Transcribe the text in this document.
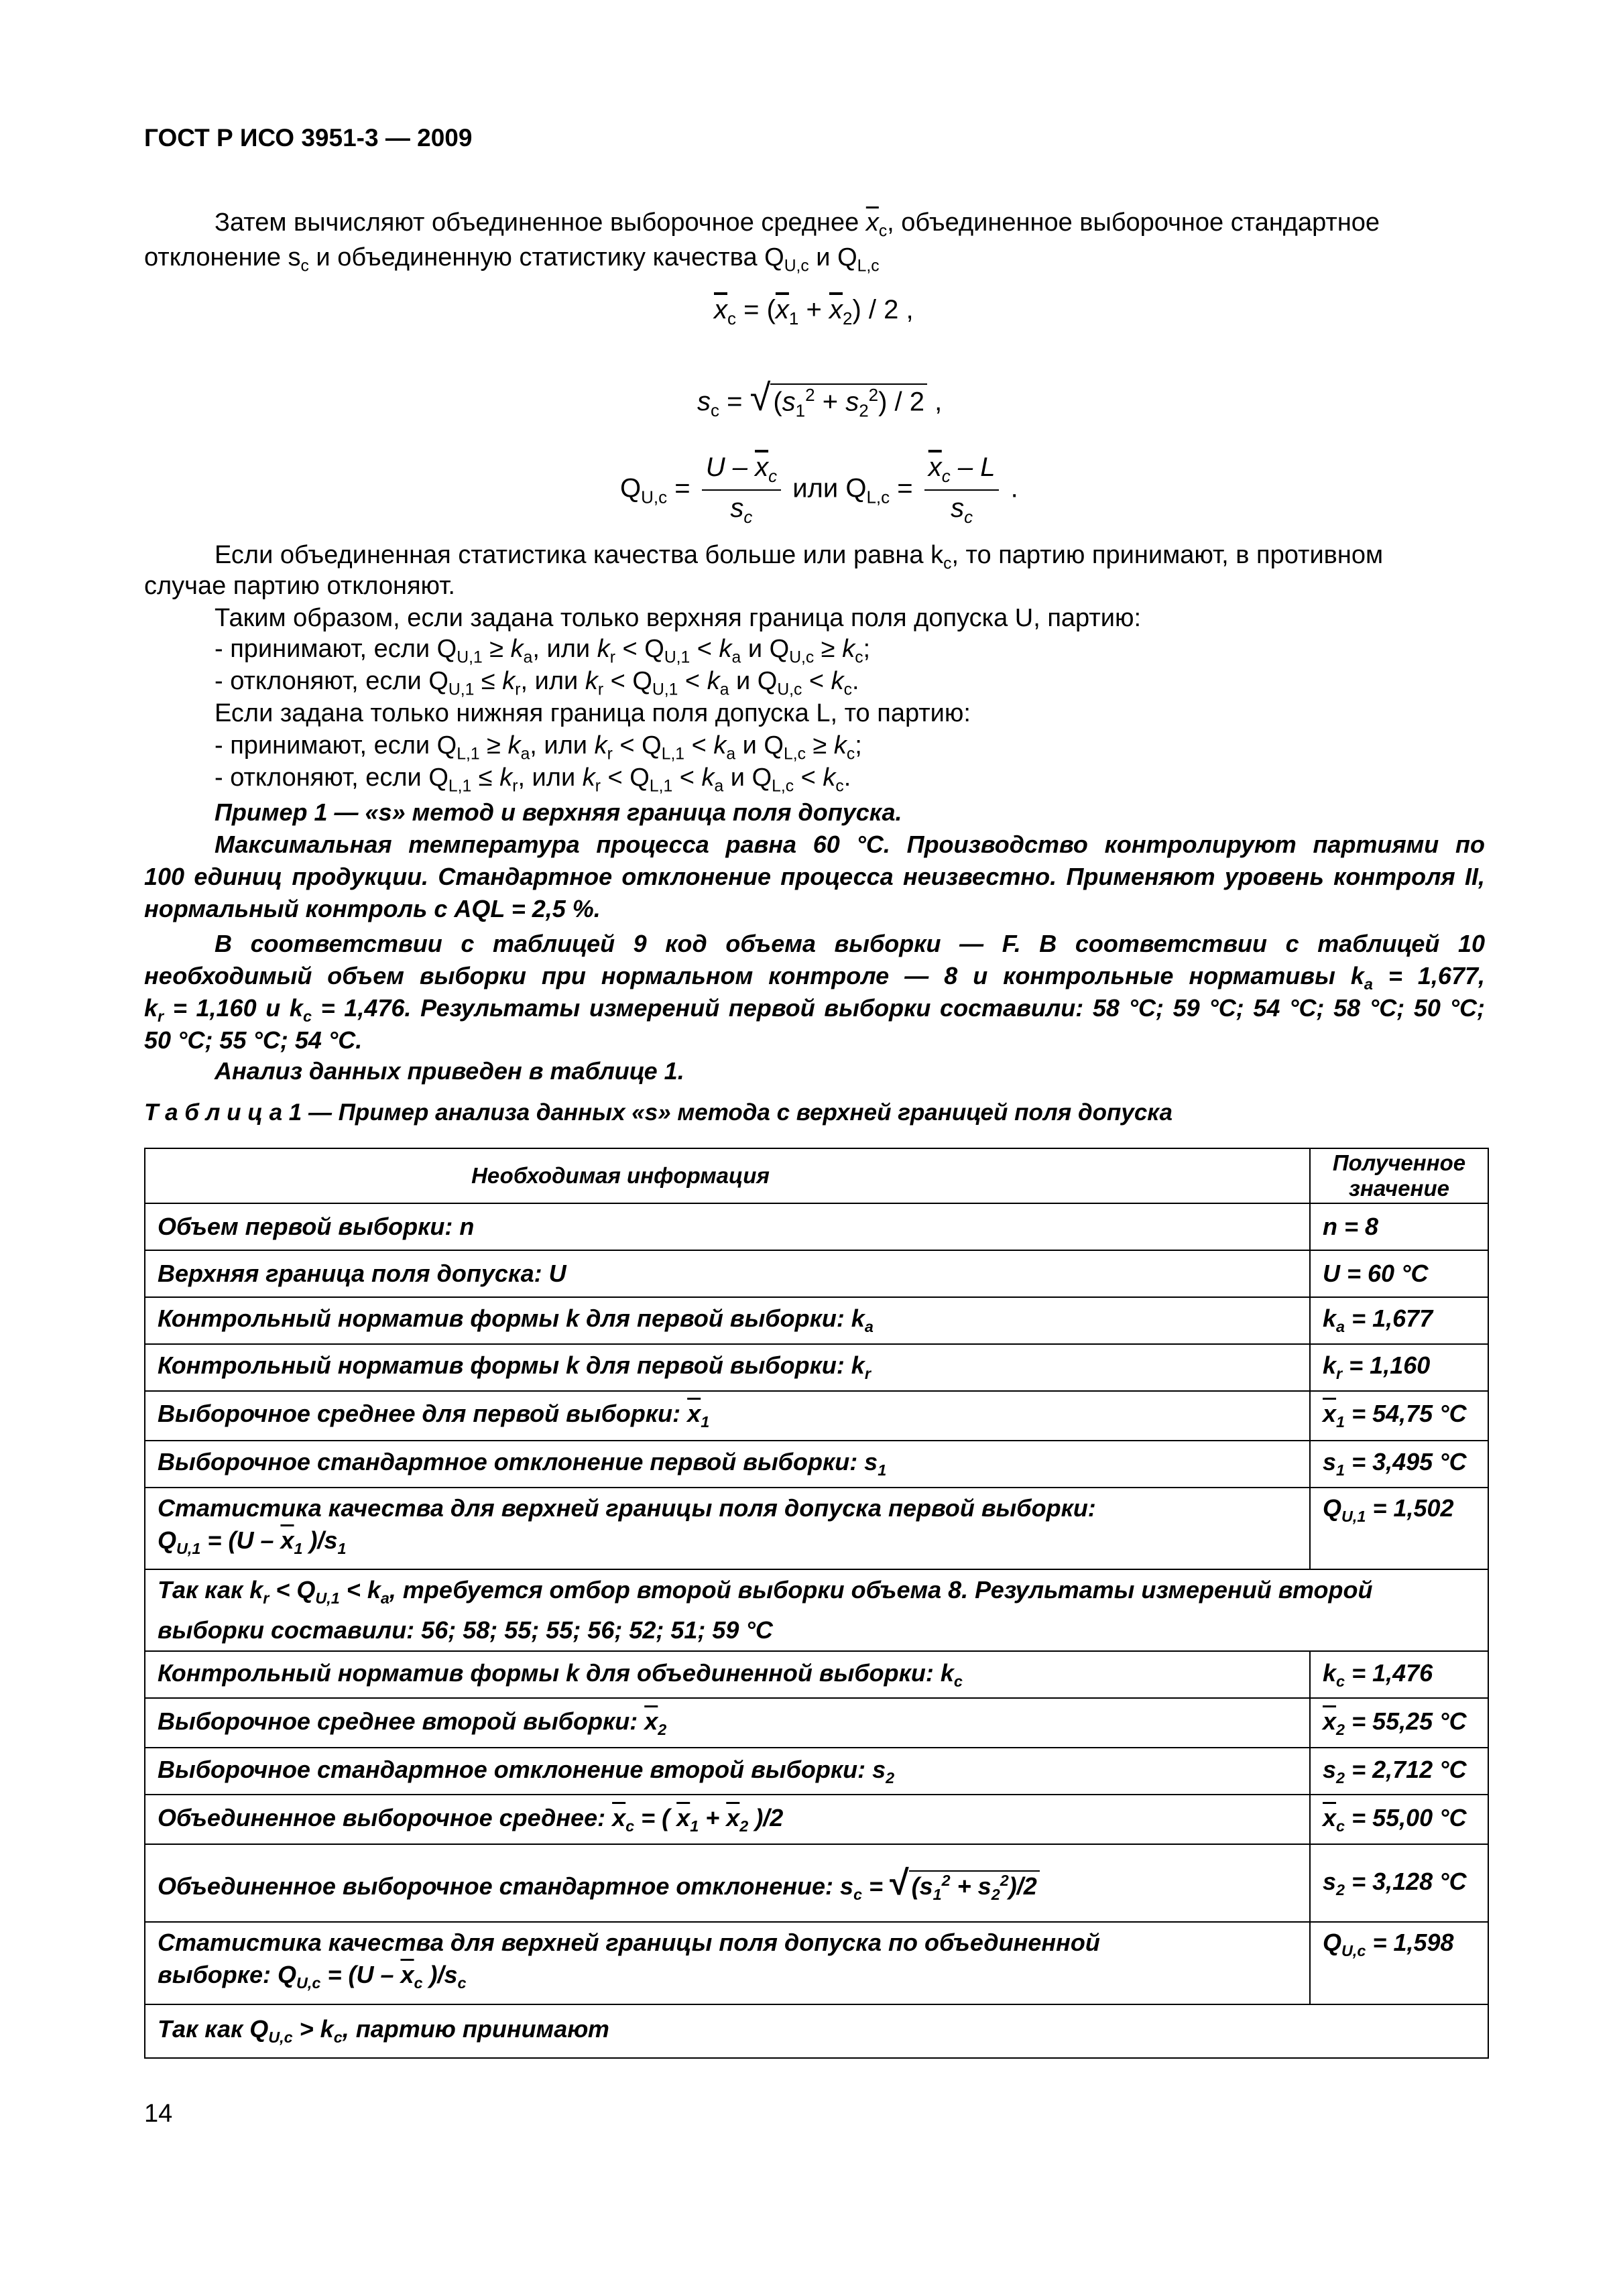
ГОСТ Р ИСО 3951-3 — 2009
Затем вычисляют объединенное выборочное среднее $\overline{x}_c$, объединенное выборочное стандартное
отклонение $s_c$ и объединенную статистику качества $Q_{U,c}$ и $Q_{L,c}$
$\overline{x}_c = (\overline{x}_1 + \overline{x}_2) / 2$ ,
$s_c$ = √ $(s_1^2 + s_2^2) / 2$ ,
$Q_{U,c} = \frac{U - \overline{x}_c}{s_c}$ или $Q_{L,c} = \frac{\overline{x}_c - L}{s_c}$ .
Если объединенная статистика качества больше или равна $k_c$, то партию принимают, в противном
случае партию отклоняют.
Таким образом, если задана только верхняя граница поля допуска U, партию:
- принимают, если $Q_{U,1} \ge k_a$, или $k_r < Q_{U,1} < k_a$ и $Q_{U,c} \ge k_c$;
- отклоняют, если $Q_{U,1} \le k_r$, или $k_r < Q_{U,1} < k_a$ и $Q_{U,c} < k_c$.
Если задана только нижняя граница поля допуска L, то партию:
- принимают, если $Q_{L,1} \ge k_a$, или $k_r < Q_{L,1} < k_a$ и $Q_{L,c} \ge k_c$;
- отклоняют, если $Q_{L,1} \le k_r$, или $k_r < Q_{L,1} < k_a$ и $Q_{L,c} < k_c$.
Пример 1 — «s» метод и верхняя граница поля допуска.
Максимальная температура процесса равна 60 °С. Производство контролируют партиями по
100 единиц продукции. Стандартное отклонение процесса неизвестно. Применяют уровень контроля II,
нормальный контроль с AQL = 2,5 %.
В соответствии с таблицей 9 код объема выборки — F. В соответствии с таблицей 10
необходимый объем выборки при нормальном контроле — 8 и контрольные нормативы $k_a = 1,677$,
$k_r = 1,160$ и $k_c = 1,476$. Результаты измерений первой выборки составили: 58 °С; 59 °С; 54 °С; 58 °С; 50 °С;
50 °С; 55 °С; 54 °С.
Анализ данных приведен в таблице 1.
Т а б л и ц а 1 — Пример анализа данных «s» метода с верхней границей поля допуска
Необходимая информация	Полученное значение
Объем первой выборки: n	n = 8
Верхняя граница поля допуска: U	U = 60 °С
Контрольный норматив формы k для первой выборки: $k_a$	$k_a = 1,677$
Контрольный норматив формы k для первой выборки: $k_r$	$k_r = 1,160$
Выборочное среднее для первой выборки: $\overline{x}_1$	$\overline{x}_1 = 54,75$ °С
Выборочное стандартное отклонение первой выборки: $s_1$	$s_1 = 3,495$ °С

Статистика качества для верхней границы поля допуска первой выборки:
$Q_{U,1} = (U - \overline{x}_1$ )$/s_1$	$Q_{U,1} = 1,502$

Так как $k_r < Q_{U,1} < k_a$, требуется отбор второй выборки объема 8. Результаты измерений второй
выборки составили: 56; 58; 55; 55; 56; 52; 51; 59 °С	

Контрольный норматив формы k для объединенной выборки: $k_c$	$k_c = 1,476$
Выборочное среднее второй выборки: $\overline{x}_2$	$\overline{x}_2 = 55,25$ °С
Выборочное стандартное отклонение второй выборки: $s_2$	$s_2 = 2,712$ °С
Объединенное выборочное среднее: $\overline{x}_c$ = ( $\overline{x}_1 + \overline{x}_2$ )/2	$\overline{x}_c = 55,00$ °С
Объединенное выборочное стандартное отклонение: $s_c$ = √ $(s_1^2 + s_2^2)/2$	$s_2 = 3,128$ °С

Статистика качества для верхней границы поля допуска по объединенной
выборке: $Q_{U,c} = (U - \overline{x}_c$ )$/s_c$	$Q_{U,c} = 1,598$

Так как $Q_{U,c} > k_c$, партию принимают	
14
